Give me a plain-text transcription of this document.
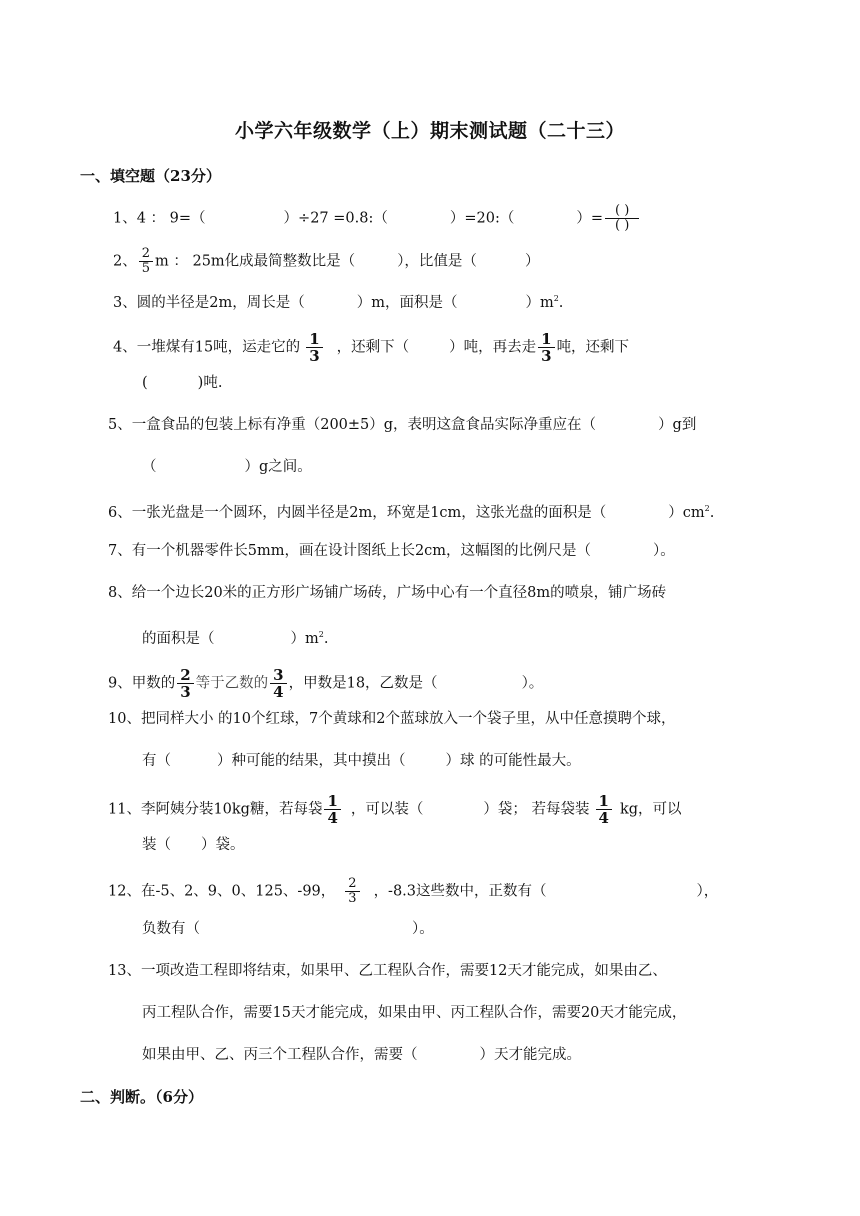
小学六年级数学（上）期末测试题（二十三）
一、填空题（23分）
1、4 ： 9=（	）÷27 =0.8:（	）=20:（	）= ( )
( )
2、 $\frac{2}{5}$ m ： 25m化成最简整数比是（	），比值是（	）
3、圆的半径是2m，周长是（	）m，面积是（	）$m^2$.
4、一堆煤有15吨，运走它的 $\frac{1}{3}$ ，还剩下（	）吨，再去走 $\frac{1}{3}$ 吨，还剩下
(	)吨.
5、一盒食品的包装上标有净重（200±5）g，表明这盒食品实际净重应在（	）g到
（	）g之间。
6、一张光盘是一个圆环，内圆半径是2m，环宽是1cm，这张光盘的面积是（	）$cm^2$.
7、有一个机器零件长5mm，画在设计图纸上长2cm，这幅图的比例尺是（	）。
8、给一个边长20米的正方形广场铺广场砖，广场中心有一个直径8m的喷泉，铺广场砖
的面积是（	）$m^2$.
9、甲数的 $\frac{2}{3}$ 等于乙数的 $\frac{3}{4}$ ，甲数是18，乙数是（	）。
10、把同样大小 的10个红球，7个黄球和2个蓝球放入一个袋子里，从中任意摸聘个球，
有（	）种可能的结果，其中摸出（	）球 的可能性最大。
11、李阿姨分装10kg糖，若每袋 $\frac{1}{4}$ ，可以装（	）袋； 若每袋装 $\frac{1}{4}$ kg，可以
装（ ）袋。
12、在-5、2、9、0、125、-99， $\frac{2}{3}$ ，-8.3这些数中，正数有（	），
负数有（	）。
13、一项改造工程即将结束，如果甲、乙工程队合作，需要12天才能完成，如果由乙、
丙工程队合作，需要15天才能完成，如果由甲、丙工程队合作，需要20天才能完成，
如果由甲、乙、丙三个工程队合作，需要（	）天才能完成。
二、判断。（6分）
